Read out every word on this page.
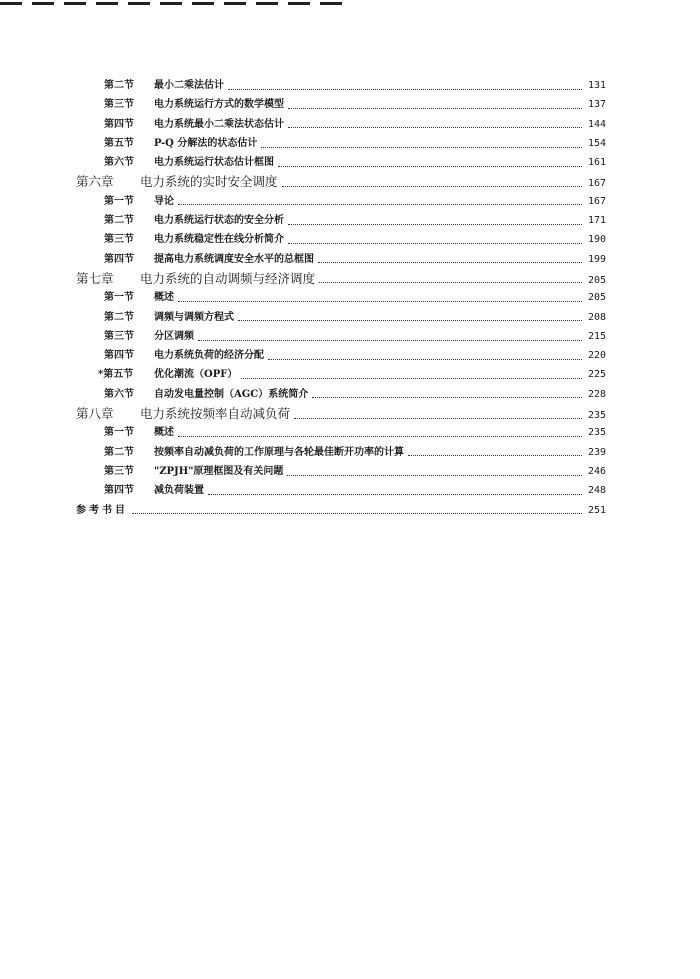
第二节	最小二乘法估计	131
第三节	电力系统运行方式的数学模型	137
第四节	电力系统最小二乘法状态估计	144
第五节	P-Q 分解法的状态估计	154
第六节	电力系统运行状态估计框图	161
第六章	电力系统的实时安全调度	167
第一节	导论	167
第二节	电力系统运行状态的安全分析	171
第三节	电力系统稳定性在线分析简介	190
第四节	提高电力系统调度安全水平的总框图	199
第七章	电力系统的自动调频与经济调度	205
第一节	概述	205
第二节	调频与调频方程式	208
第三节	分区调频	215
第四节	电力系统负荷的经济分配	220
*第五节	优化潮流（OPF）	225
第六节	自动发电量控制（AGC）系统简介	228
第八章	电力系统按频率自动减负荷	235
第一节	概述	235
第二节	按频率自动减负荷的工作原理与各轮最佳断开功率的计算	239
第三节	"ZPJH"原理框图及有关问题	246
第四节	减负荷装置	248
参考书目	251
